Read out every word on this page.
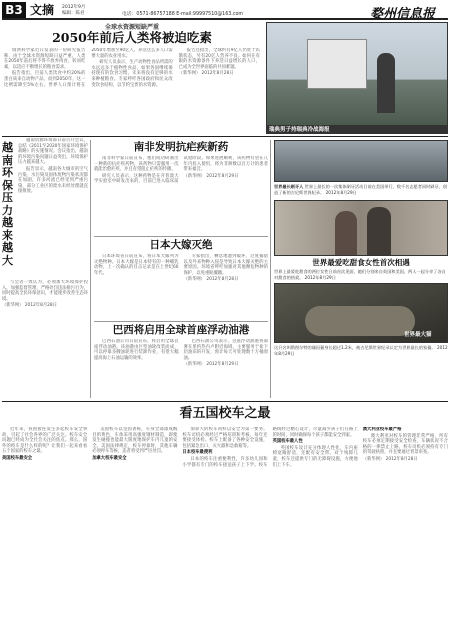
B3 文摘 2012年9月
编辑：陈君	电话：0571-86757188 E-mail:99997510@163.com	婺州信息报
全球水资源短缺严重
2050年前后人类将被迫吃素

瑞典科学家近日发表的一份研究报告称，由于全球水资源短缺日益严重，人类在2050年前后将不得不放弃肉食，转而吃素，以适应不断增长的粮食需求。

报告指出，目前人类饮食中约20%的蛋白质来自动物产品，而到2050年，这一比例需降至5%左右。世界人口预计将在2050年增加至90亿人，养活这么多人口需要大量的农业用水。

研究人员表示，生产动物性食品所需的水远远多于植物性食品，如果各国继续保持现有的饮食习惯，未来将没有足够的水来种植粮食。专家呼吁各国政府和民众改变饮食结构，以节约宝贵的水资源。

报告还指出，全球约有9亿人仍处于饥饿状态，另有20亿人营养不良。如何在有限的水资源条件下养活日益增长的人口，已成为全世界面临的共同难题。

（新华网） 2012年8月28日
瑞典男子持瑞典冷战海报
越南环保压力越来越大

越南资源环境部日前召开会议，总结《2011至2020年国家环境保护战略》的实施情况。会议指出，越南的环境污染问题日益突出，环境保护压力越来越大。

报告显示，越南各大城市的空气污染、水污染及固体废物污染状况都在加剧，许多河流已经受到严重污染，部分工业区的废水未经处理就直接排放。

与会者一致认为，必须加大环境保护投入，加强监督管理，严格处罚违法排污行为，同时提高全民环保意识，才能逐步改善生态环境。

（新华网） 2012年8月28日
南非发明抗疟疾新药

南非科学家日前宣布，他们成功研制出一种新的抗疟疾药物，该药物只需服用一次就能治愈疟疾，并且有望阻止疟疾的传播。

研究人员表示，这种药物是在开普敦大学实验室中研发出来的，目前已进入临床前试验阶段。如果进展顺利，该药物有望在几年内投入使用，将为非洲数以百万计的患者带来福音。

（新华网） 2012年8月29日
日本大嫁灭绝

日本环境省日前宣布，将日本大嫁列为灭绝物种。日本大嫁是日本特有的一种哺乳动物，上一次确认的目击记录是在上世纪60年代。

专家指出，栖息地遭到破坏、过度捕猎以及外来物种入侵是导致日本大嫁灭绝的主要原因。环境省呼吁加强对其他濒危物种的保护，以免重蹈覆辙。

（新华网） 2012年8月28日
巴西将启用全球首座浮动油港

巴西石油公司日前宣布，将启用全球首座浮动油港。该油港由巨型油轮改装而成，可以停靠多艘油轮进行装卸作业，有望大幅提高海上石油运输的效率。

巴西石油公司表示，这座浮动油港将部署在里约热内卢附近海域，主要服务于盐下层油田的开发，预计每天可处理数十万桶原油。

（新华网） 2012年8月29日
世界最长刷牙人 世界上最长的一次集体刷牙活动日前在美国举行，数千名志愿者同时刷牙，创造了新的吉尼斯世界纪录。 2012年8月29日
世界最爱吃甜食女性首次相遇
世界上最爱吃甜食的两位女性日前首次见面，她们分别来自英国和美国，两人一起分享了各自对甜食的热爱。 2012年8月29日
世界最大猫
这只名叫斯图尔特的缅因猫身长超过1.2米，被吉尼斯世界纪录认定为世界最长的家猫。 2012年8月29日
看五国校车之最

近年来，我国接连发生多起校车安全事故，引起了社会各界的广泛关注。校车安全问题已经成为全社会关注的焦点。那么，国外的校车是什么样的呢？让我们一起来看看五个国家的校车之最。

美国校车最安全

美国校车以坚固著称，车身全部漆成醒目的黄色，车体采用高强度钢材制造，即使发生碰撞也能最大限度地保护车内儿童的安全。美国法律规定，校车停靠时，其他车辆必须停车等候，违者将受到严厉处罚。

加拿大校车最安全

加拿大的校车同样以安全为第一要务。校车司机必须经过严格培训和考核，每年还要接受体检。校车上配备了各种安全设施，包括紧急出口、灭火器和急救箱等。

日本校车最便利

日本的校车注重便利性，许多幼儿园和小学都有专门的校车接送孩子上下学。校车路线经过精心设计，尽量减少孩子们在路上的时间，同时确保每个孩子都能安全到家。

英国校车最人性

英国校车设计充分体现人性化，车内座椅宽敞舒适，还配有安全带。对于残障儿童，校车还提供专门的无障碍设施，方便他们上下车。

澳大利亚校车最严格

澳大利亚对校车的管理非常严格，所有校车必须定期接受安全检查，车辆状况不合格的一律禁止上路。校车司机必须持有专门的驾驶执照，并且要通过背景审查。

（新华网） 2012年8月28日
